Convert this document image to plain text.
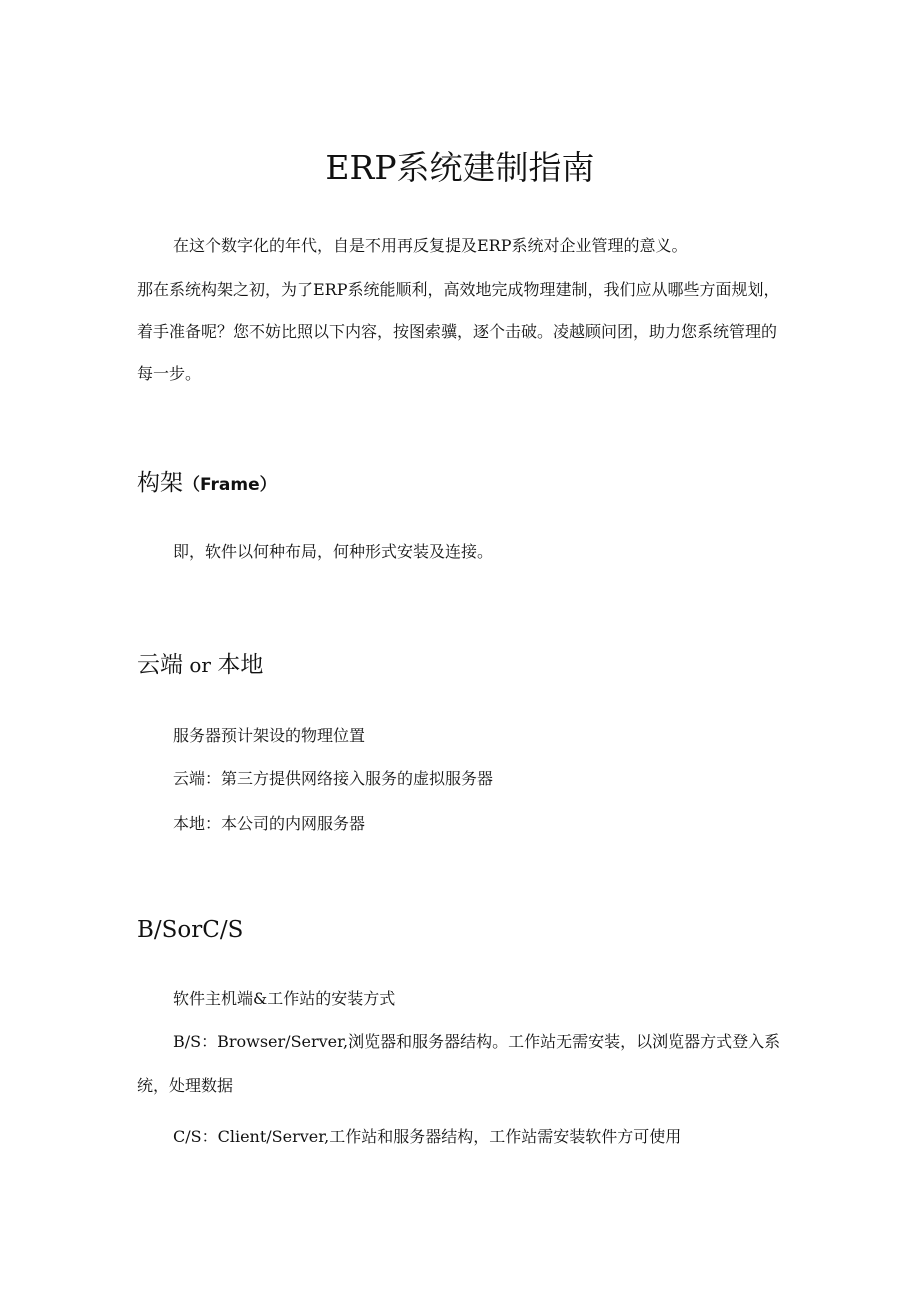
ERP系统建制指南

在这个数字化的年代，自是不用再反复提及ERP系统对企业管理的意义。

那在系统构架之初，为了ERP系统能顺利，高效地完成物理建制，我们应从哪些方面规划，着手准备呢？您不妨比照以下内容，按图索骥，逐个击破。凌越顾问团，助力您系统管理的每一步。

构架（Frame）

即，软件以何种布局，何种形式安装及连接。

云端 or 本地

服务器预计架设的物理位置

云端：第三方提供网络接入服务的虚拟服务器

本地：本公司的内网服务器

B/SorC/S

软件主机端&工作站的安装方式

B/S：Browser/Server,浏览器和服务器结构。工作站无需安装，以浏览器方式登入系统，处理数据

C/S：Client/Server,工作站和服务器结构，工作站需安装软件方可使用
